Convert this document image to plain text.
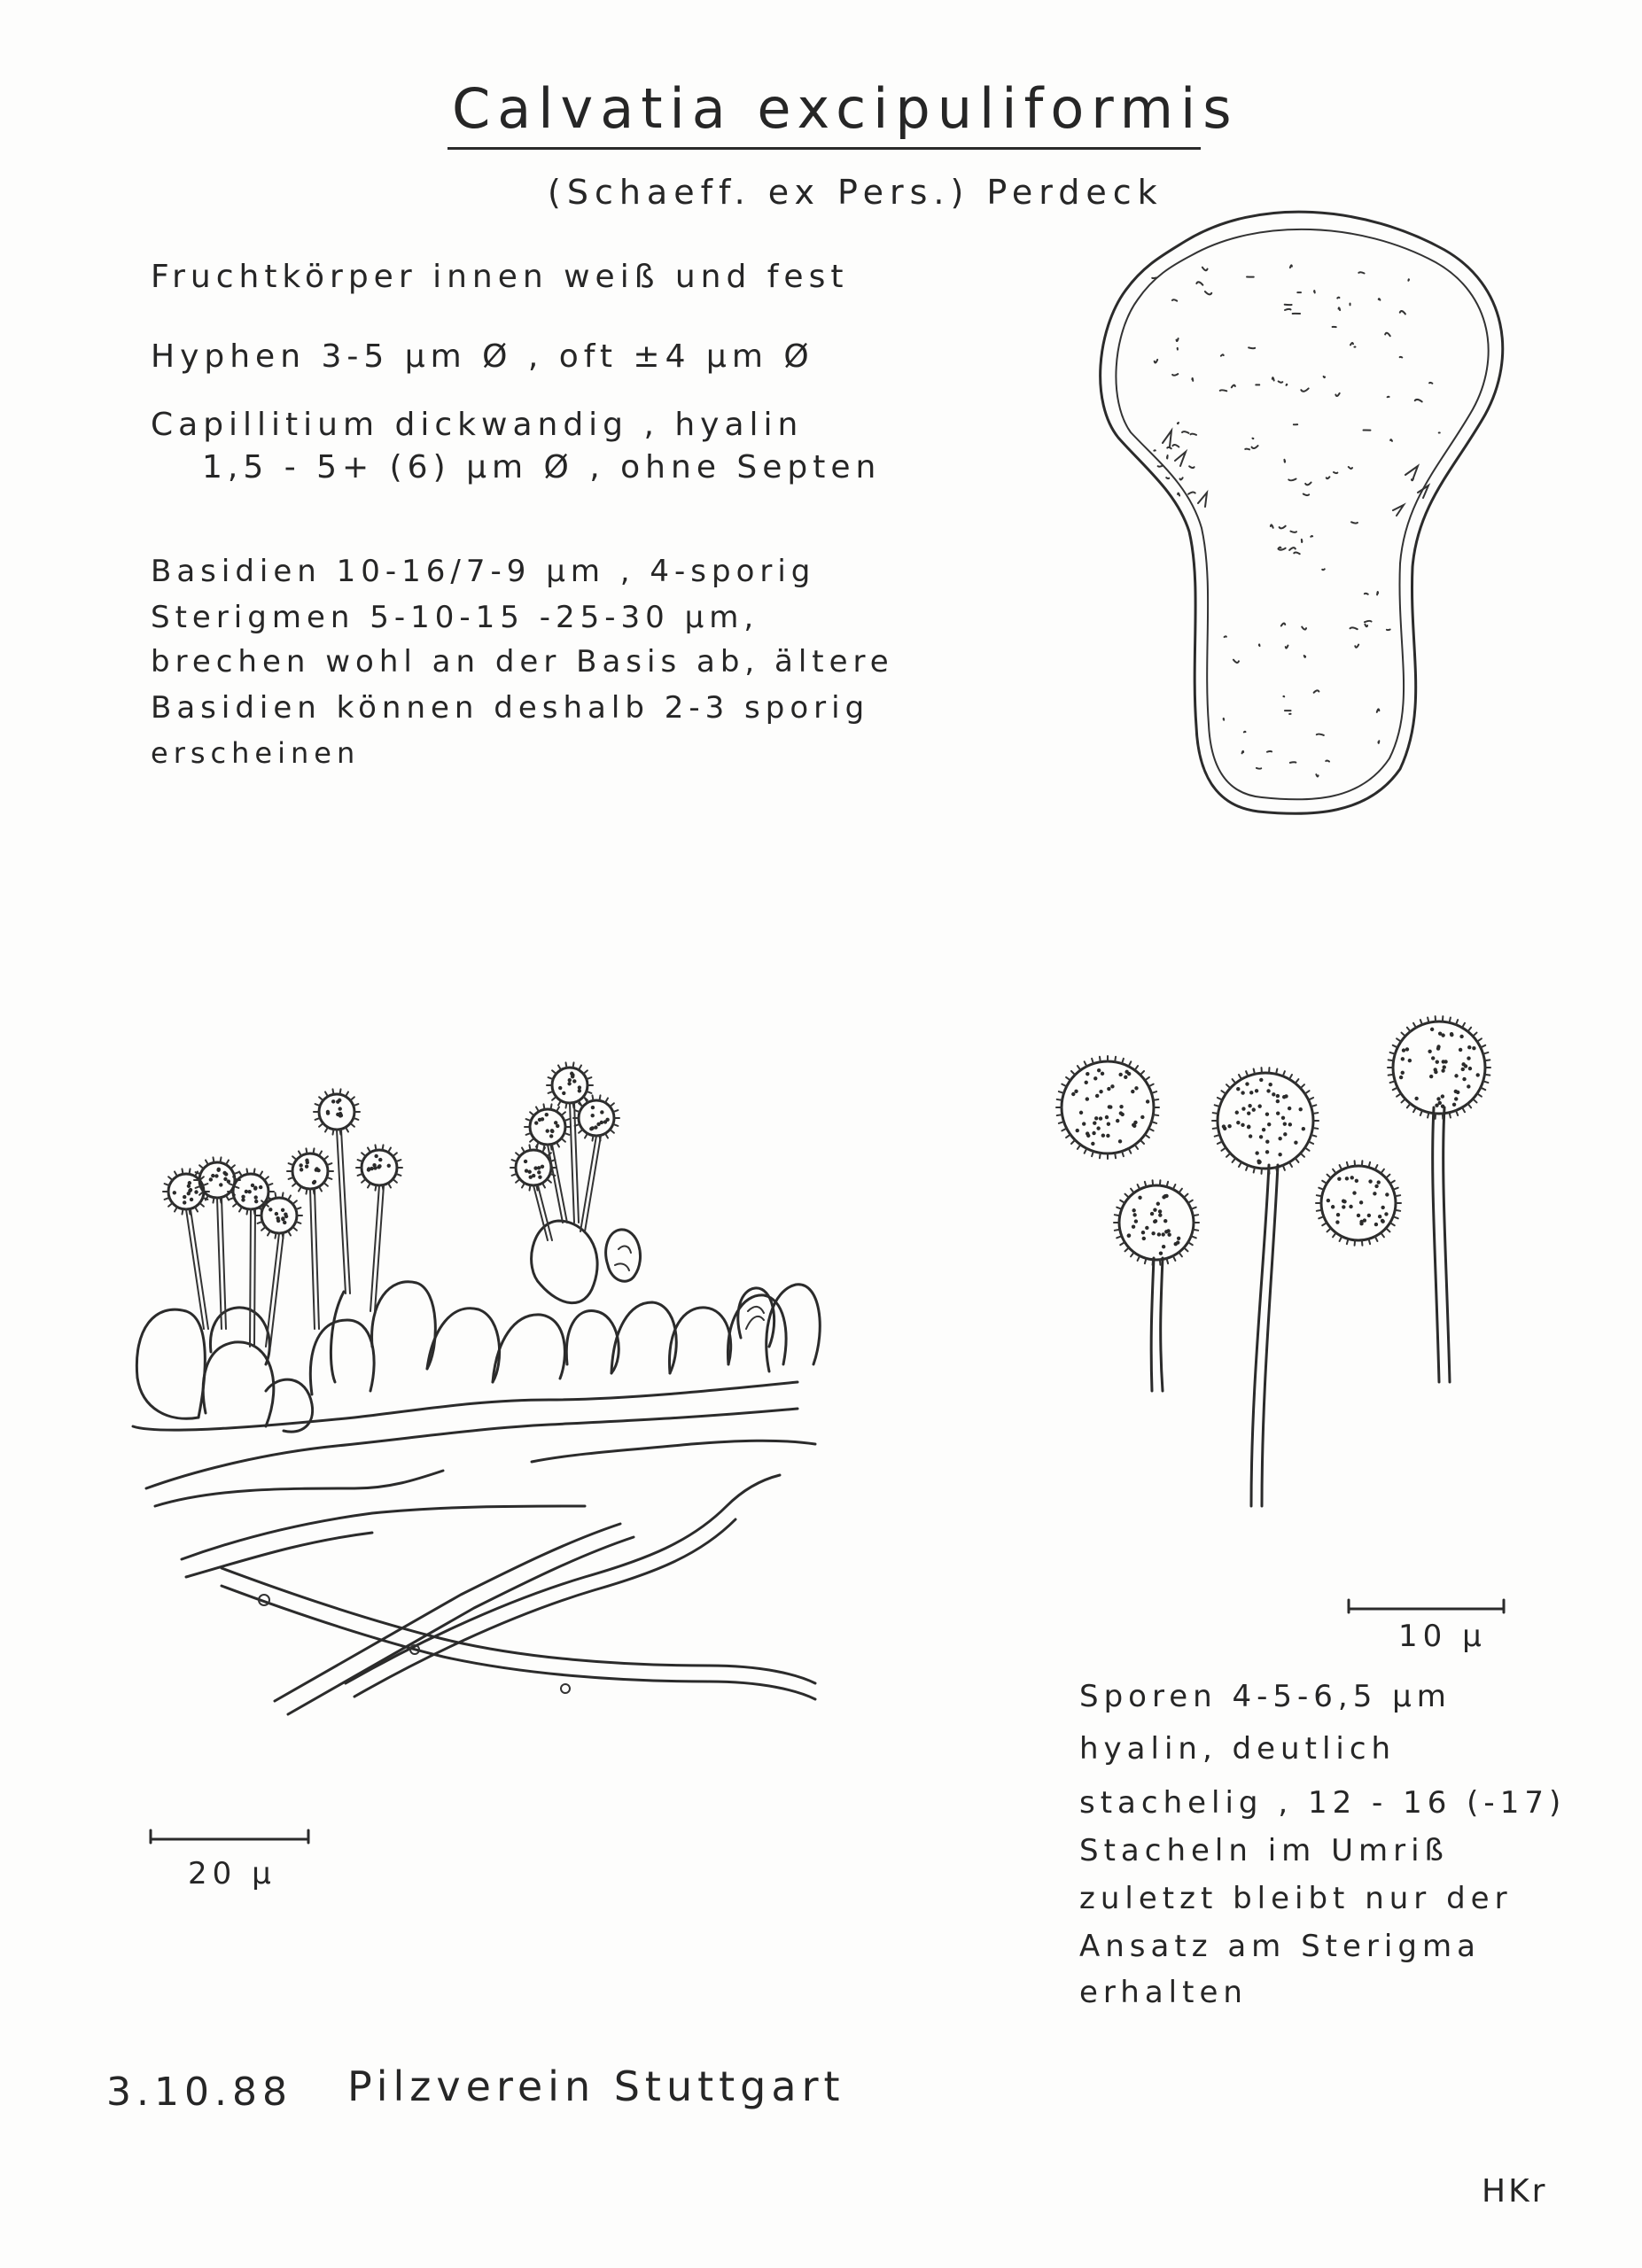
Calvatia excipuliformis
(Schaeff. ex Pers.) Perdeck
Fruchtkörper innen weiß und fest
Hyphen 3-5 µm Ø , oft ±4 µm Ø
Capillitium dickwandig , hyalin
1,5 - 5+ (6) µm Ø , ohne Septen
Basidien 10-16/7-9 µm , 4-sporig
Sterigmen 5-10-15 -25-30 µm,
brechen wohl an der Basis ab, ältere
Basidien können deshalb 2-3 sporig
erscheinen
10 µ
20 µ
Sporen 4-5-6,5 µm
hyalin, deutlich
stachelig , 12 - 16 (-17)
Stacheln im Umriß
zuletzt bleibt nur der
Ansatz am Sterigma
erhalten
3.10.88 Pilzverein Stuttgart
HKr
